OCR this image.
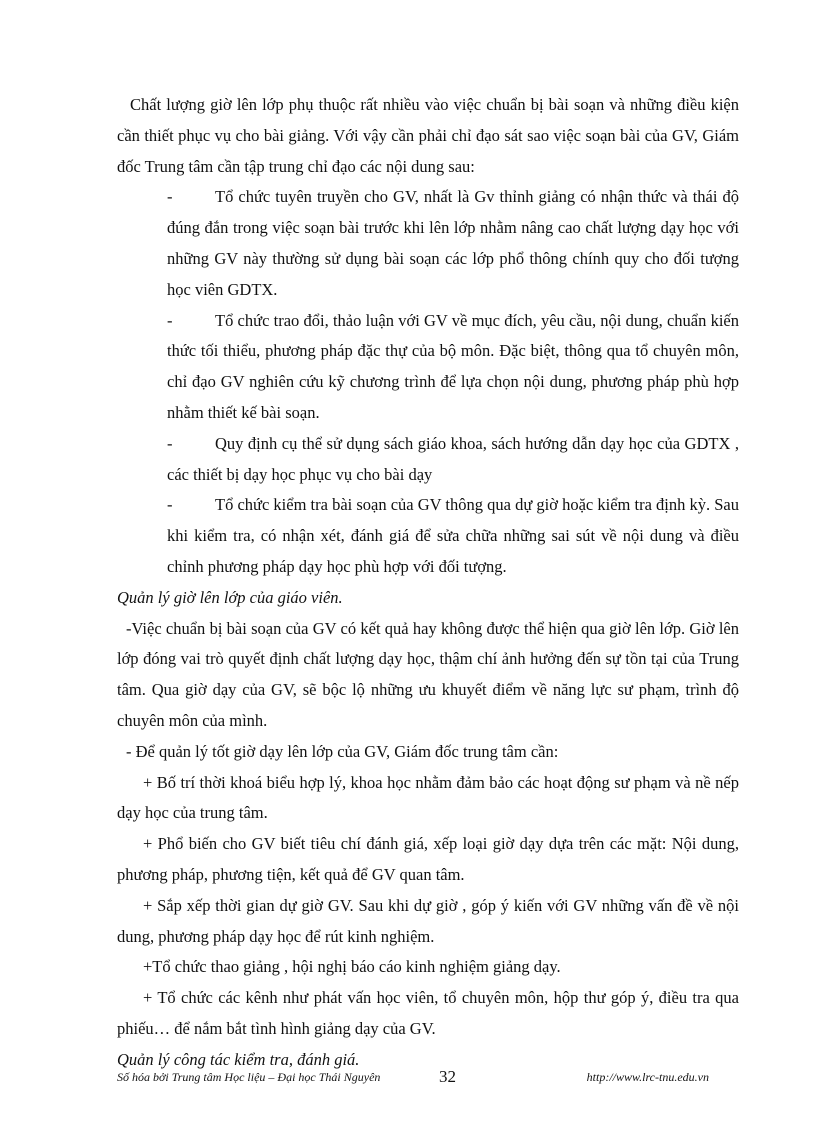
Chất lượng giờ lên lớp phụ thuộc rất nhiều vào việc chuẩn bị bài soạn và những điều kiện cần thiết phục vụ cho bài giảng. Với vậy cần phải chỉ đạo sát sao việc soạn bài của GV, Giám đốc Trung tâm cần tập trung chỉ đạo các nội dung sau:

-	Tổ chức tuyên truyền cho GV, nhất là Gv thỉnh giảng có nhận thức và thái độ đúng đắn trong việc soạn bài trước khi lên lớp nhằm nâng cao chất lượng dạy học với những GV này thường sử dụng bài soạn các lớp phổ thông chính quy cho đối tượng học viên GDTX.

-	Tổ chức trao đổi, thảo luận với GV về mục đích, yêu cầu, nội dung, chuẩn kiến thức tối thiểu, phương pháp đặc thự của bộ môn. Đặc biệt, thông qua tổ chuyên môn, chỉ đạo GV nghiên cứu kỹ chương trình để lựa chọn nội dung, phương pháp phù hợp nhằm thiết kế bài soạn.

-	Quy định cụ thể sử dụng sách giáo khoa, sách hướng dẫn dạy học của GDTX , các thiết bị dạy học phục vụ cho bài dạy

-	Tổ chức kiểm tra bài soạn của GV thông qua dự giờ hoặc kiểm tra định kỳ. Sau khi kiểm tra, có nhận xét, đánh giá để sửa chữa những sai sút về nội dung và điều chỉnh phương pháp dạy học phù hợp với đối tượng.

Quản lý giờ lên lớp của giáo viên.

-Việc chuẩn bị bài soạn của GV có kết quả hay không được thể hiện qua giờ lên lớp. Giờ lên lớp đóng vai trò quyết định chất lượng dạy học, thậm chí ảnh hưởng đến sự tồn tại của Trung tâm. Qua giờ dạy của GV, sẽ bộc lộ những ưu khuyết điểm về năng lực sư phạm, trình độ chuyên môn của mình.

- Để quản lý tốt giờ dạy lên lớp của GV, Giám đốc trung tâm cần:

+ Bố trí thời khoá biểu hợp lý, khoa học nhằm đảm bảo các hoạt động sư phạm và nề nếp dạy học của trung tâm.

+ Phổ biến cho GV biết tiêu chí đánh giá, xếp loại giờ dạy dựa trên các mặt: Nội dung, phương pháp, phương tiện, kết quả để GV quan tâm.

+ Sắp xếp thời gian dự giờ GV. Sau khi dự giờ , góp ý kiến với GV những vấn đề về nội dung, phương pháp dạy học để rút kinh nghiệm.

+Tổ chức thao giảng , hội nghị báo cáo kinh nghiệm giảng dạy.

+ Tổ chức các kênh như phát vấn học viên, tổ chuyên môn, hộp thư góp ý, điều tra qua phiếu… để nắm bắt tình hình giảng dạy của GV.

Quản lý công tác kiểm tra, đánh giá.

Số hóa bởi Trung tâm Học liệu – Đại học Thái Nguyên	32	http://www.lrc-tnu.edu.vn
